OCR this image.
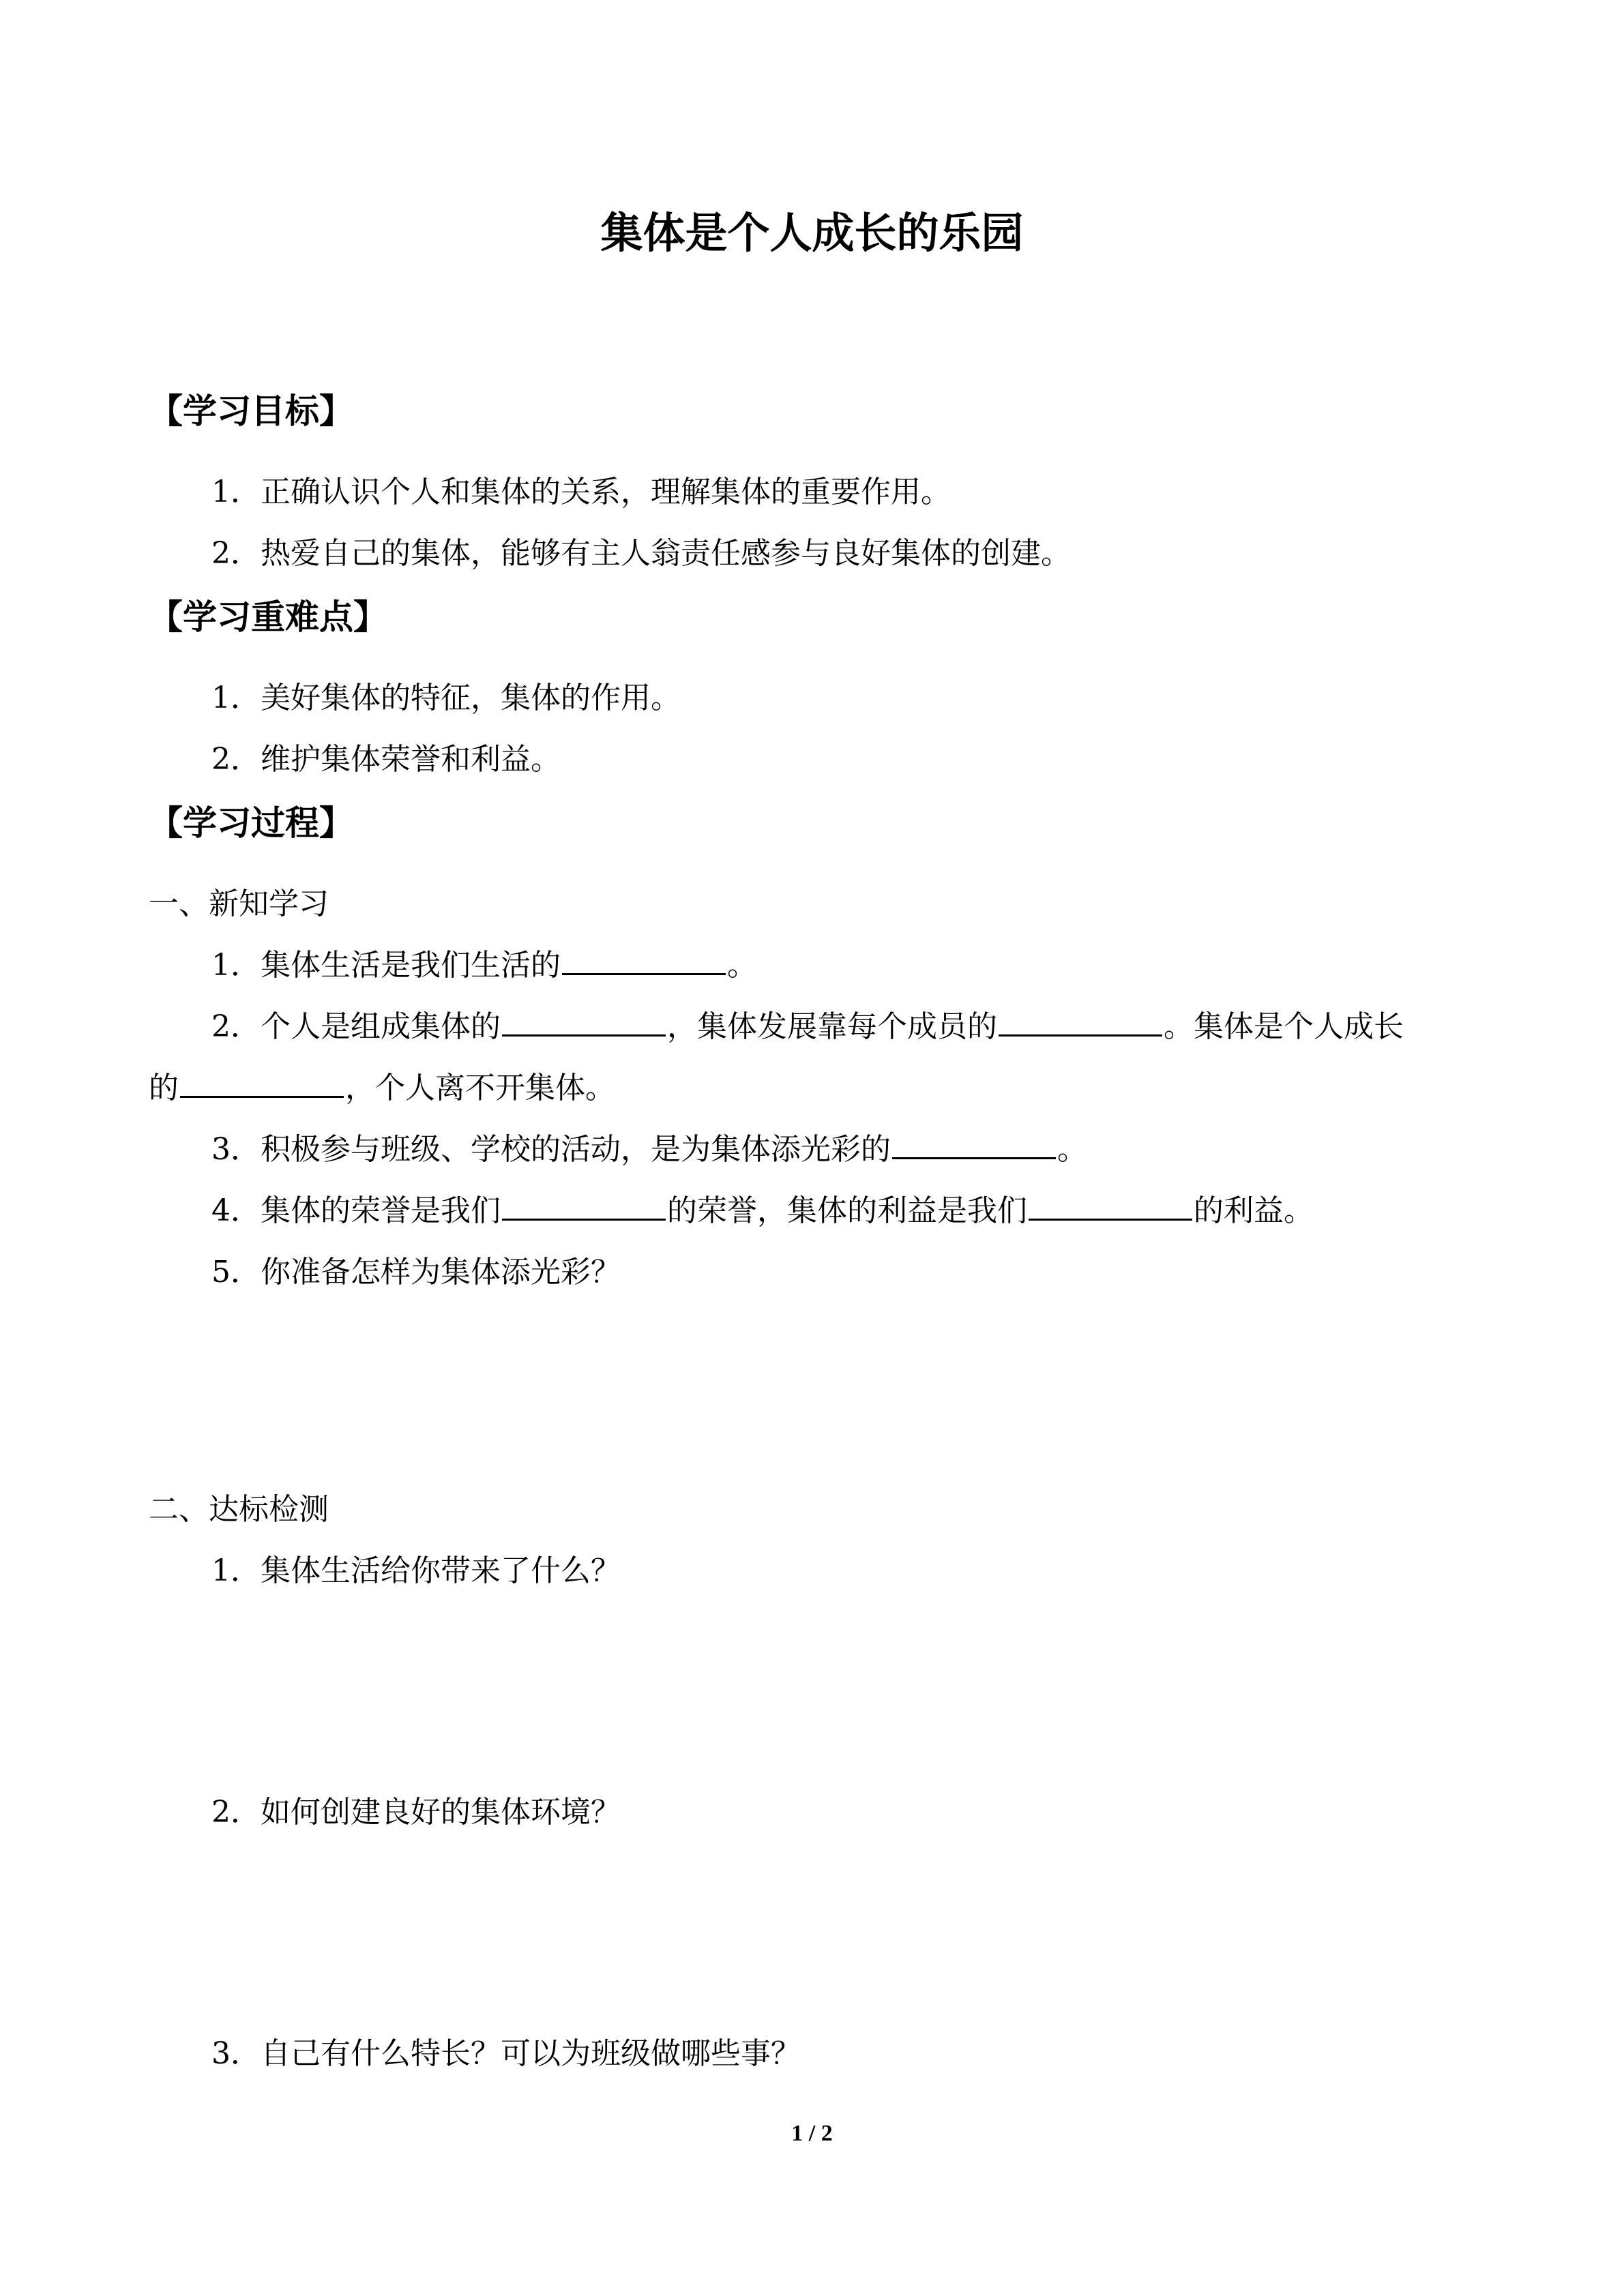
集体是个人成长的乐园
【学习目标】

1．正确认识个人和集体的关系，理解集体的重要作用。

2．热爱自己的集体，能够有主人翁责任感参与良好集体的创建。

【学习重难点】

1．美好集体的特征，集体的作用。

2．维护集体荣誉和利益。

【学习过程】

一、新知学习

1．集体生活是我们生活的	。

2．个人是组成集体的	，集体发展靠每个成员的	。集体是个人成长

的	，个人离不开集体。

3．积极参与班级、学校的活动，是为集体添光彩的	。

4．集体的荣誉是我们	的荣誉，集体的利益是我们	的利益。

5．你准备怎样为集体添光彩？

二、达标检测

1．集体生活给你带来了什么？

2．如何创建良好的集体环境？

3．自己有什么特长？可以为班级做哪些事？

1 / 2
